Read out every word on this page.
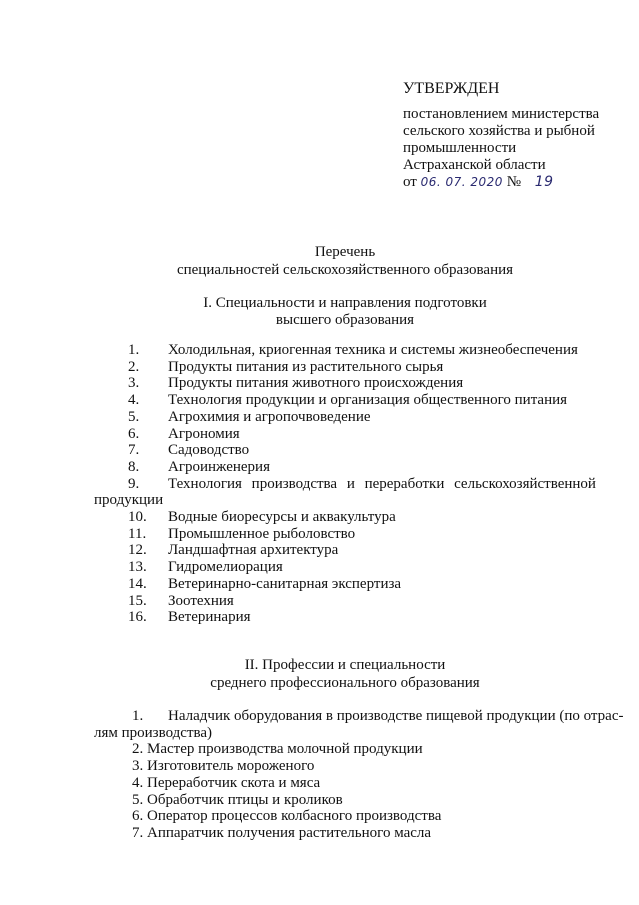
УТВЕРЖДЕН
постановлением министерства
сельского хозяйства и рыбной
промышленности
Астраханской области
от 06. 07. 2020 № 19
Перечень
специальностей сельскохозяйственного образования
I. Специальности и направления подготовки
высшего образования
1.	Холодильная, криогенная техника и системы жизнеобеспечения
2.	Продукты питания из растительного сырья
3.	Продукты питания животного происхождения
4.	Технология продукции и организация общественного питания
5.	Агрохимия и агропочвоведение
6.	Агрономия
7.	Садоводство
8.	Агроинженерия
9.	Технология производства и переработки сельскохозяйственной
продукции
10.	Водные биоресурсы и аквакультура
11.	Промышленное рыболовство
12.	Ландшафтная архитектура
13.	Гидромелиорация
14.	Ветеринарно-санитарная экспертиза
15.	Зоотехния
16.	Ветеринария
II. Профессии и специальности
среднего профессионального образования
1.	Наладчик оборудования в производстве пищевой продукции (по отрас-
лям производства)
2. Мастер производства молочной продукции
3. Изготовитель мороженого
4. Переработчик скота и мяса
5. Обработчик птицы и кроликов
6. Оператор процессов колбасного производства
7. Аппаратчик получения растительного масла
